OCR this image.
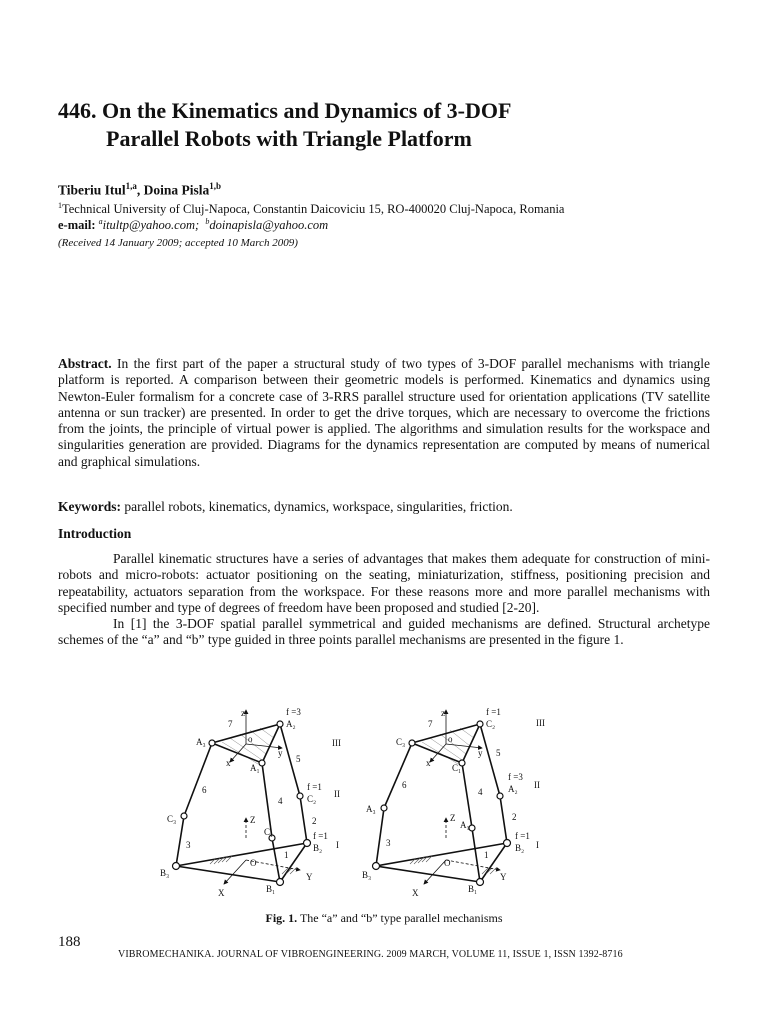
446. On the Kinematics and Dynamics of 3-DOF
Parallel Robots with Triangle Platform
Tiberiu Itul$^{1,a}$, Doina Pisla$^{1,b}$
$^1$Technical University of Cluj-Napoca, Constantin Daicoviciu 15, RO-400020 Cluj-Napoca, Romania
e-mail: $^a$itultp@yahoo.com; $^b$doinapisla@yahoo.com
(Received 14 January 2009; accepted 10 March 2009)
Abstract. In the first part of the paper a structural study of two types of 3-DOF parallel mechanisms with triangle platform is reported. A comparison between their geometric models is performed. Kinematics and dynamics using Newton-Euler formalism for a concrete case of 3-RRS parallel structure used for orientation applications (TV satellite antenna or sun tracker) are presented. In order to get the drive torques, which are necessary to overcome the frictions from the joints, the principle of virtual power is applied. The algorithms and simulation results for the workspace and singularities generation are provided. Diagrams for the dynamics representation are computed by means of numerical and graphical simulations.
Keywords: parallel robots, kinematics, dynamics, workspace, singularities, friction.
Introduction

Parallel kinematic structures have a series of advantages that makes them adequate for construction of mini-robots and micro-robots: actuator positioning on the seating, miniaturization, stiffness, positioning precision and repeatability, actuators separation from the workspace. For these reasons more and more parallel mechanisms with specified number and type of degrees of freedom have been proposed and studied [2-20].

In [1] the 3-DOF spatial parallel symmetrical and guided mechanisms are defined. Structural archetype schemes of the “a” and “b” type guided in three points parallel mechanisms are presented in the figure 1.

z	f =3
A₂
7
A₃	o
y
x	5
A₁
III
6	f =1
C₂ II
4
C₃	Z
C₁
2
f =1
B₂ I
3
1
O
B₃	Y
X	B₁
z	f =1
C₂
7
C₃	o
y
x
5
C₁
III
6
f =3
A₂ II
A₃
4
Z
A₁
2
f =1
B₂ I
3
1
O
B₃	Y
X	B₁
Fig. 1. The “a” and “b” type parallel mechanisms
188
VIBROMECHANIKA. JOURNAL OF VIBROENGINEERING. 2009 MARCH, VOLUME 11, ISSUE 1, ISSN 1392-8716
